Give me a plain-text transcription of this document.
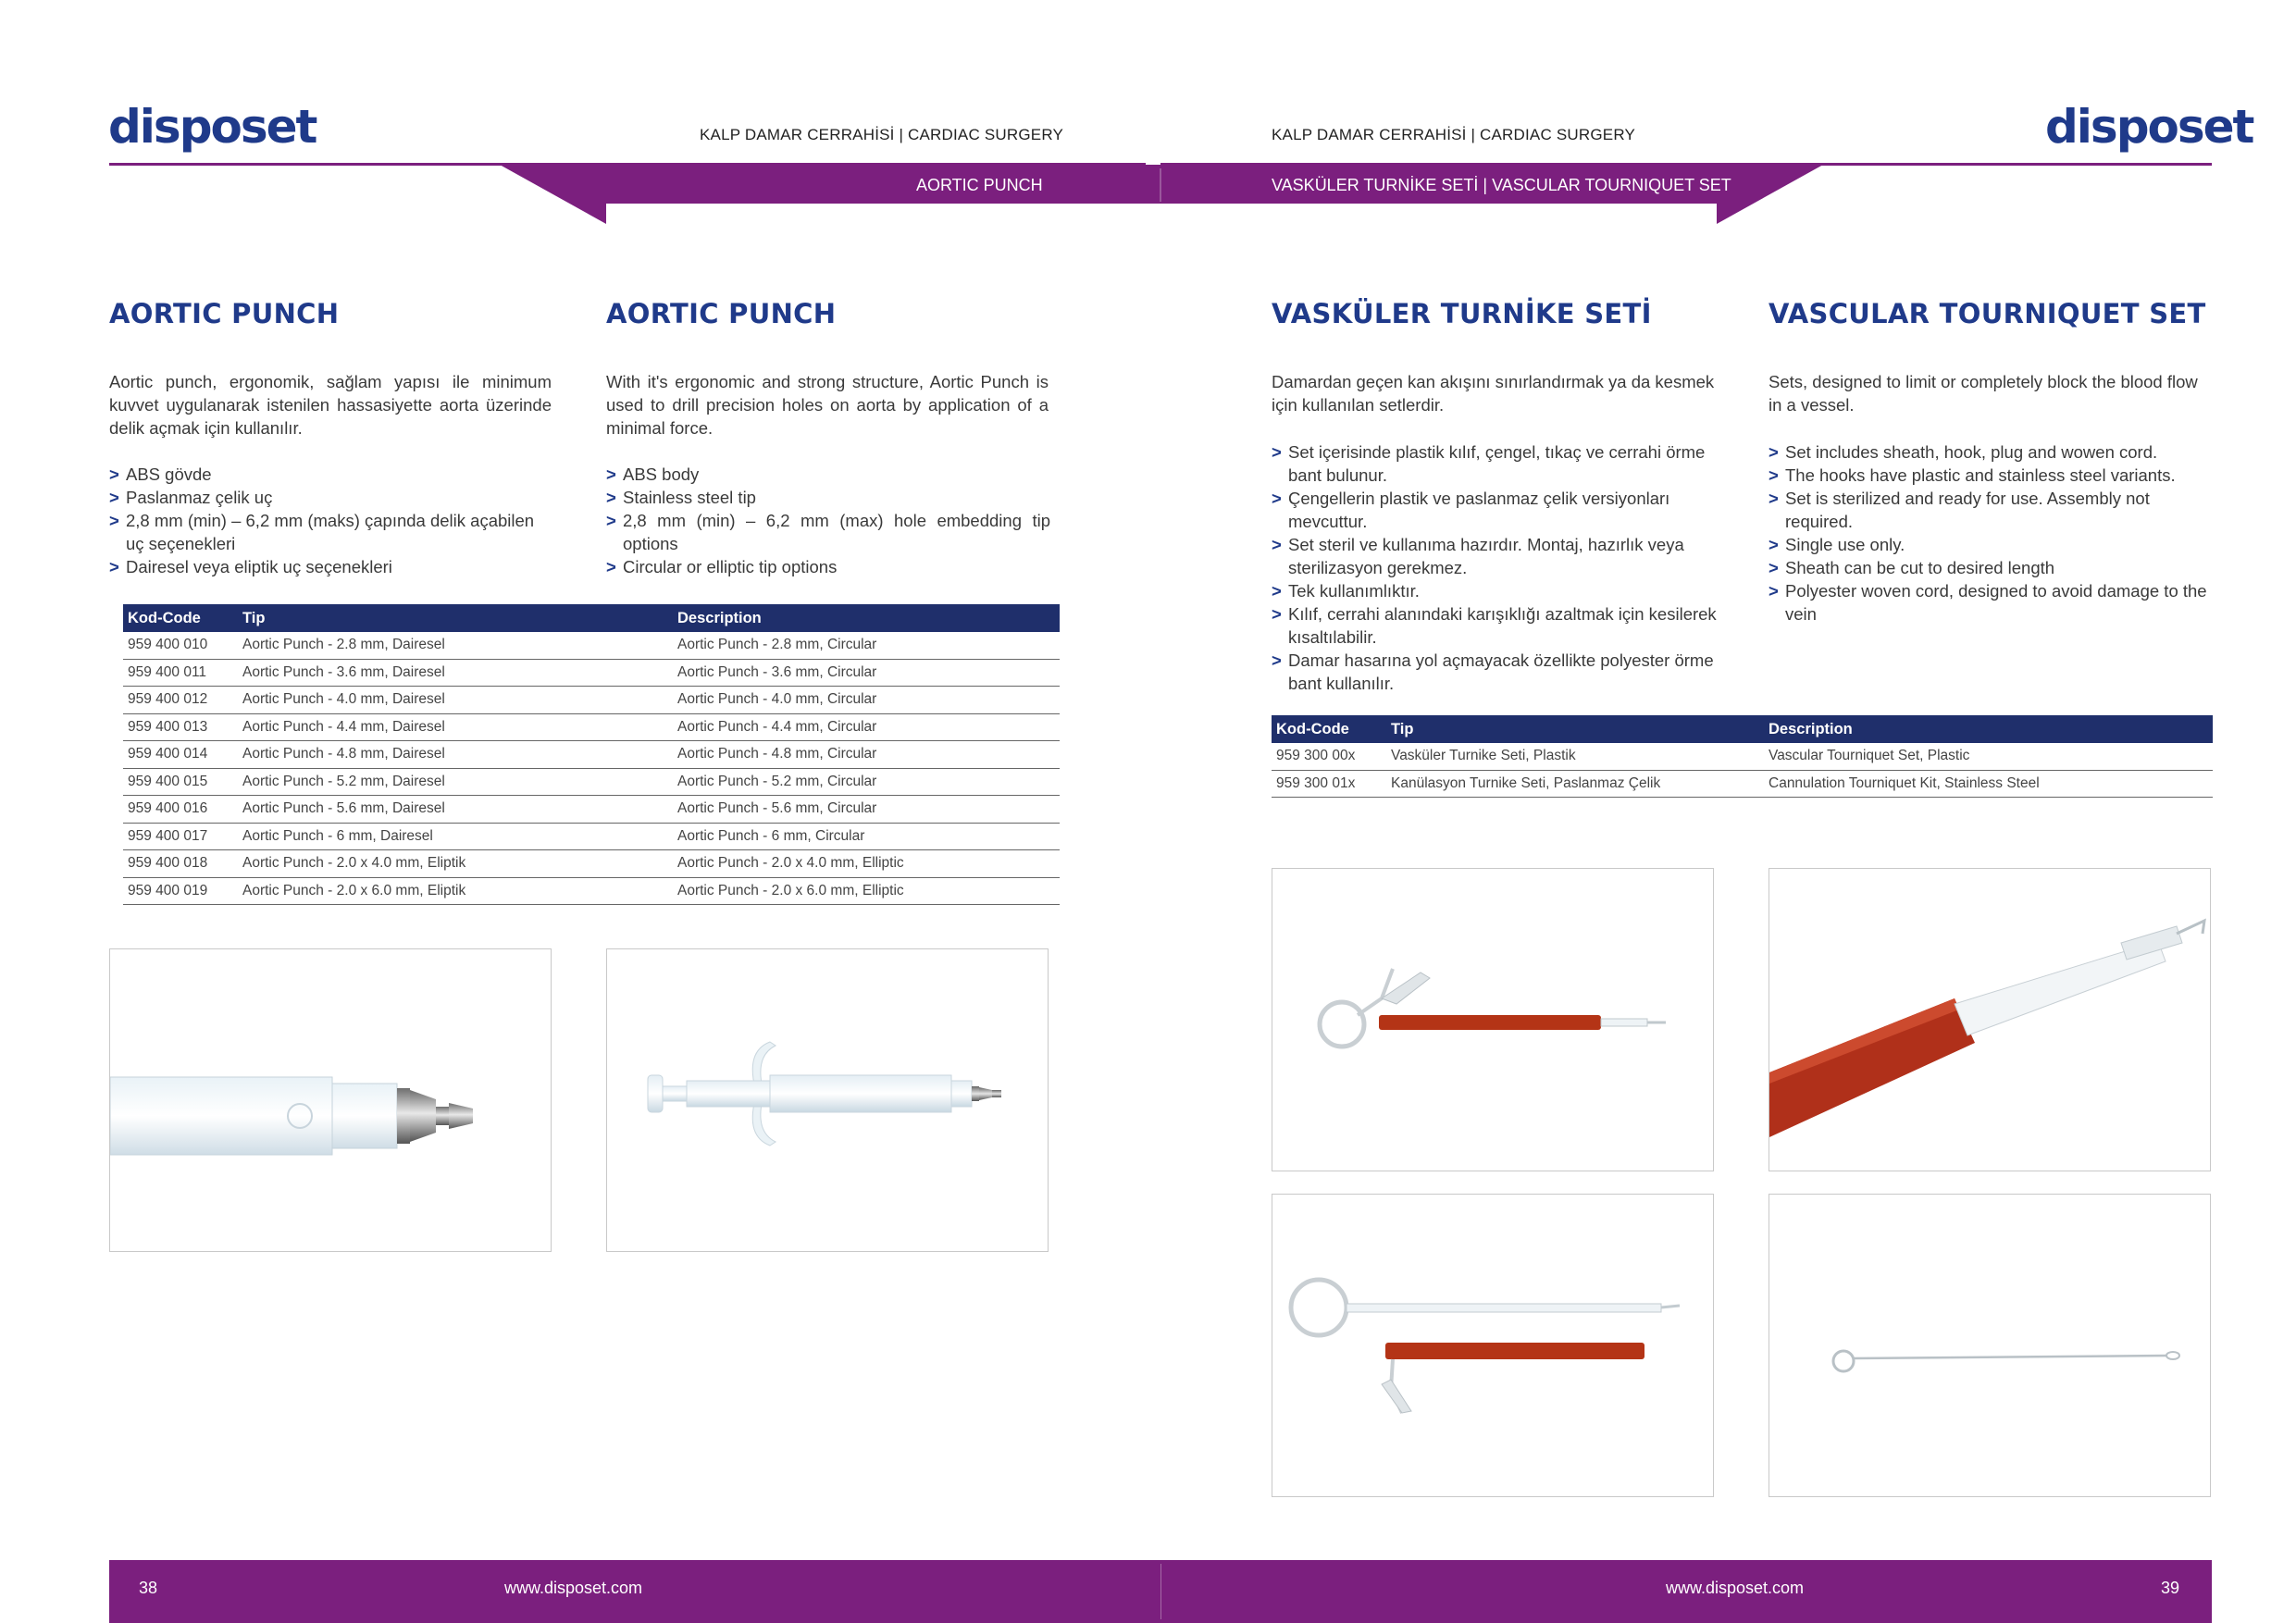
disposet	KALP DAMAR CERRAHİSİ | CARDIAC SURGERY	disposet
KALP DAMAR CERRAHİSİ | CARDIAC SURGERY
AORTIC PUNCH	VASKÜLER TURNİKE SETİ | VASCULAR TOURNIQUET SET
AORTIC PUNCH	AORTIC PUNCH
Aortic punch, ergonomik, sağlam yapısı ile minimum kuvvet uygulanarak istenilen hassasiyette aorta üzerinde delik açmak için kullanılır.
With it's ergonomic and strong structure, Aortic Punch is used to drill precision holes on aorta by application of a minimal force.
> ABS gövde
> Paslanmaz çelik uç
> 2,8 mm (min) – 6,2 mm (maks) çapında delik açabilen uç seçenekleri
> Dairesel veya eliptik uç seçenekleri
> ABS body
> Stainless steel tip
> 2,8 mm (min) – 6,2 mm (max) hole embedding tip options
> Circular or elliptic tip options
Kod-Code	Tip	Description
959 400 010	Aortic Punch - 2.8 mm, Dairesel	Aortic Punch - 2.8 mm, Circular
959 400 011	Aortic Punch - 3.6 mm, Dairesel	Aortic Punch - 3.6 mm, Circular
959 400 012	Aortic Punch - 4.0 mm, Dairesel	Aortic Punch - 4.0 mm, Circular
959 400 013	Aortic Punch - 4.4 mm, Dairesel	Aortic Punch - 4.4 mm, Circular
959 400 014	Aortic Punch - 4.8 mm, Dairesel	Aortic Punch - 4.8 mm, Circular
959 400 015	Aortic Punch - 5.2 mm, Dairesel	Aortic Punch - 5.2 mm, Circular
959 400 016	Aortic Punch - 5.6 mm, Dairesel	Aortic Punch - 5.6 mm, Circular
959 400 017	Aortic Punch - 6 mm, Dairesel	Aortic Punch - 6 mm, Circular
959 400 018	Aortic Punch - 2.0 x 4.0 mm, Eliptik	Aortic Punch - 2.0 x 4.0 mm, Elliptic
959 400 019	Aortic Punch - 2.0 x 6.0 mm, Eliptik	Aortic Punch - 2.0 x 6.0 mm, Elliptic
VASKÜLER TURNİKE SETİ	VASCULAR TOURNIQUET SET
Damardan geçen kan akışını sınırlandırmak ya da kesmek için kullanılan setlerdir.
Sets, designed to limit or completely block the blood flow in a vessel.
> Set içerisinde plastik kılıf, çengel, tıkaç ve cerrahi örme bant bulunur.
> Çengellerin plastik ve paslanmaz çelik versiyonları mevcuttur.
> Set steril ve kullanıma hazırdır. Montaj, hazırlık veya sterilizasyon gerekmez.
> Tek kullanımlıktır.
> Kılıf, cerrahi alanındaki karışıklığı azaltmak için kesilerek kısaltılabilir.
> Damar hasarına yol açmayacak özellikte polyester örme bant kullanılır.
> Set includes sheath, hook, plug and wowen cord.
> The hooks have plastic and stainless steel variants.
> Set is sterilized and ready for use. Assembly not required.
> Single use only.
> Sheath can be cut to desired length
> Polyester woven cord, designed to avoid damage to the vein
Kod-Code	Tip	Description
959 300 00x	Vasküler Turnike Seti, Plastik	Vascular Tourniquet Set, Plastic
959 300 01x	Kanülasyon Turnike Seti, Paslanmaz Çelik	Cannulation Tourniquet Kit, Stainless Steel
38	www.disposet.com	www.disposet.com	39
